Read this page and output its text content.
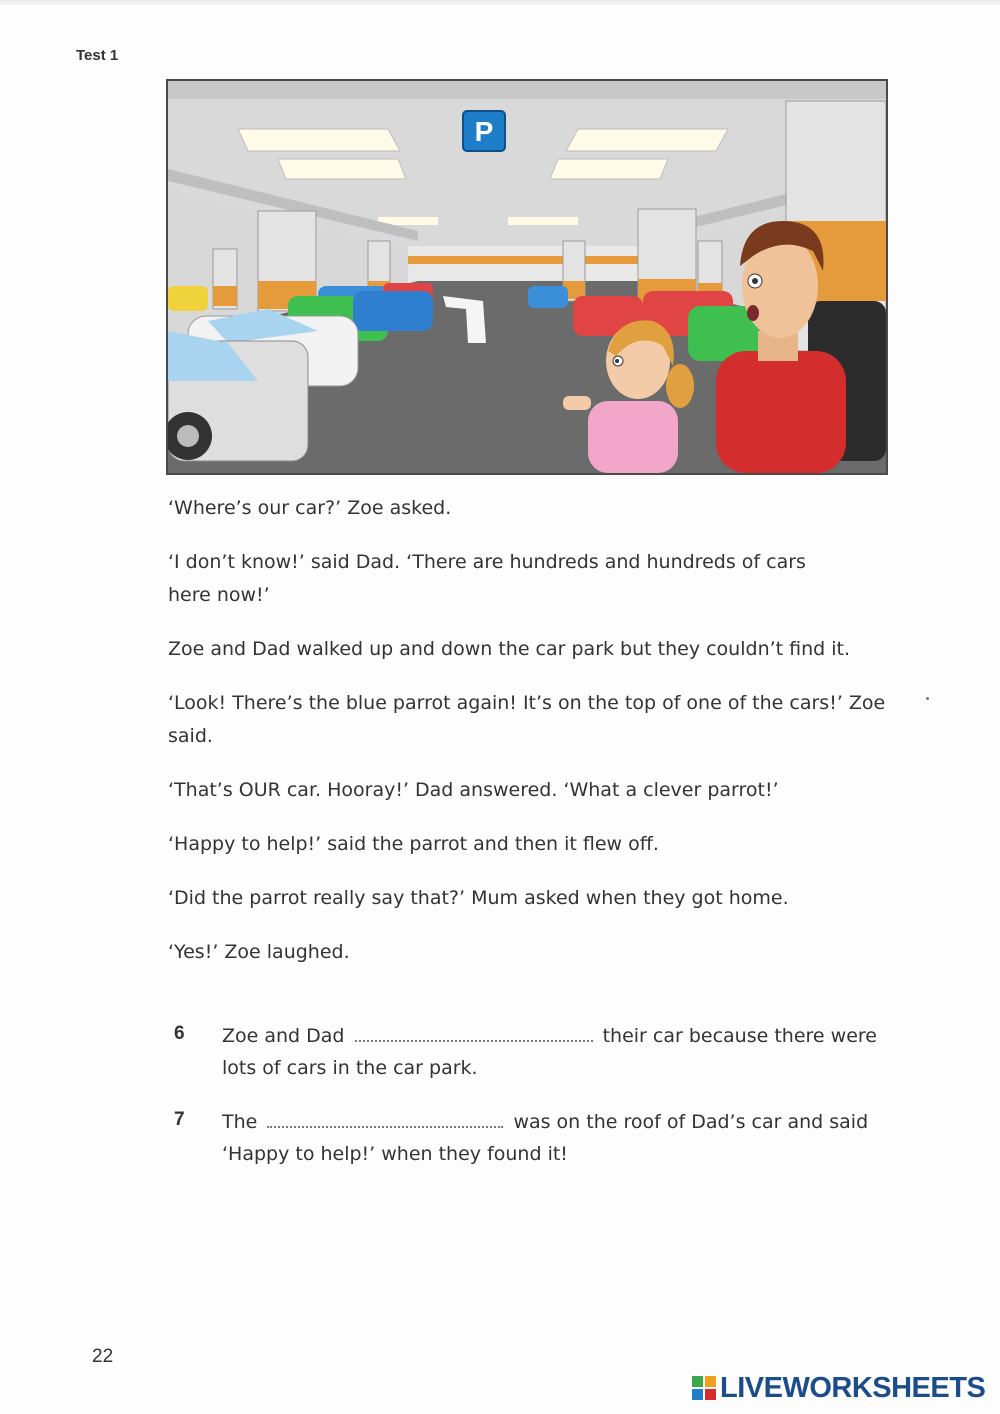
Test 1
P

‘Where’s our car?’ Zoe asked.

‘I don’t know!’ said Dad. ‘There are hundreds and hundreds of cars here now!’

Zoe and Dad walked up and down the car park but they couldn’t find it.

‘Look! There’s the blue parrot again! It’s on the top of one of the cars!’ Zoe said.

‘That’s OUR car. Hooray!’ Dad answered. ‘What a clever parrot!’

‘Happy to help!’ said the parrot and then it flew off.

‘Did the parrot really say that?’ Mum asked when they got home.

‘Yes!’ Zoe laughed.

6 Zoe and Dad	their car because there were lots of cars in the car park.
7 The	was on the roof of Dad’s car and said ‘Happy to help!’ when they found it!
22
LIVEWORKSHEETS
